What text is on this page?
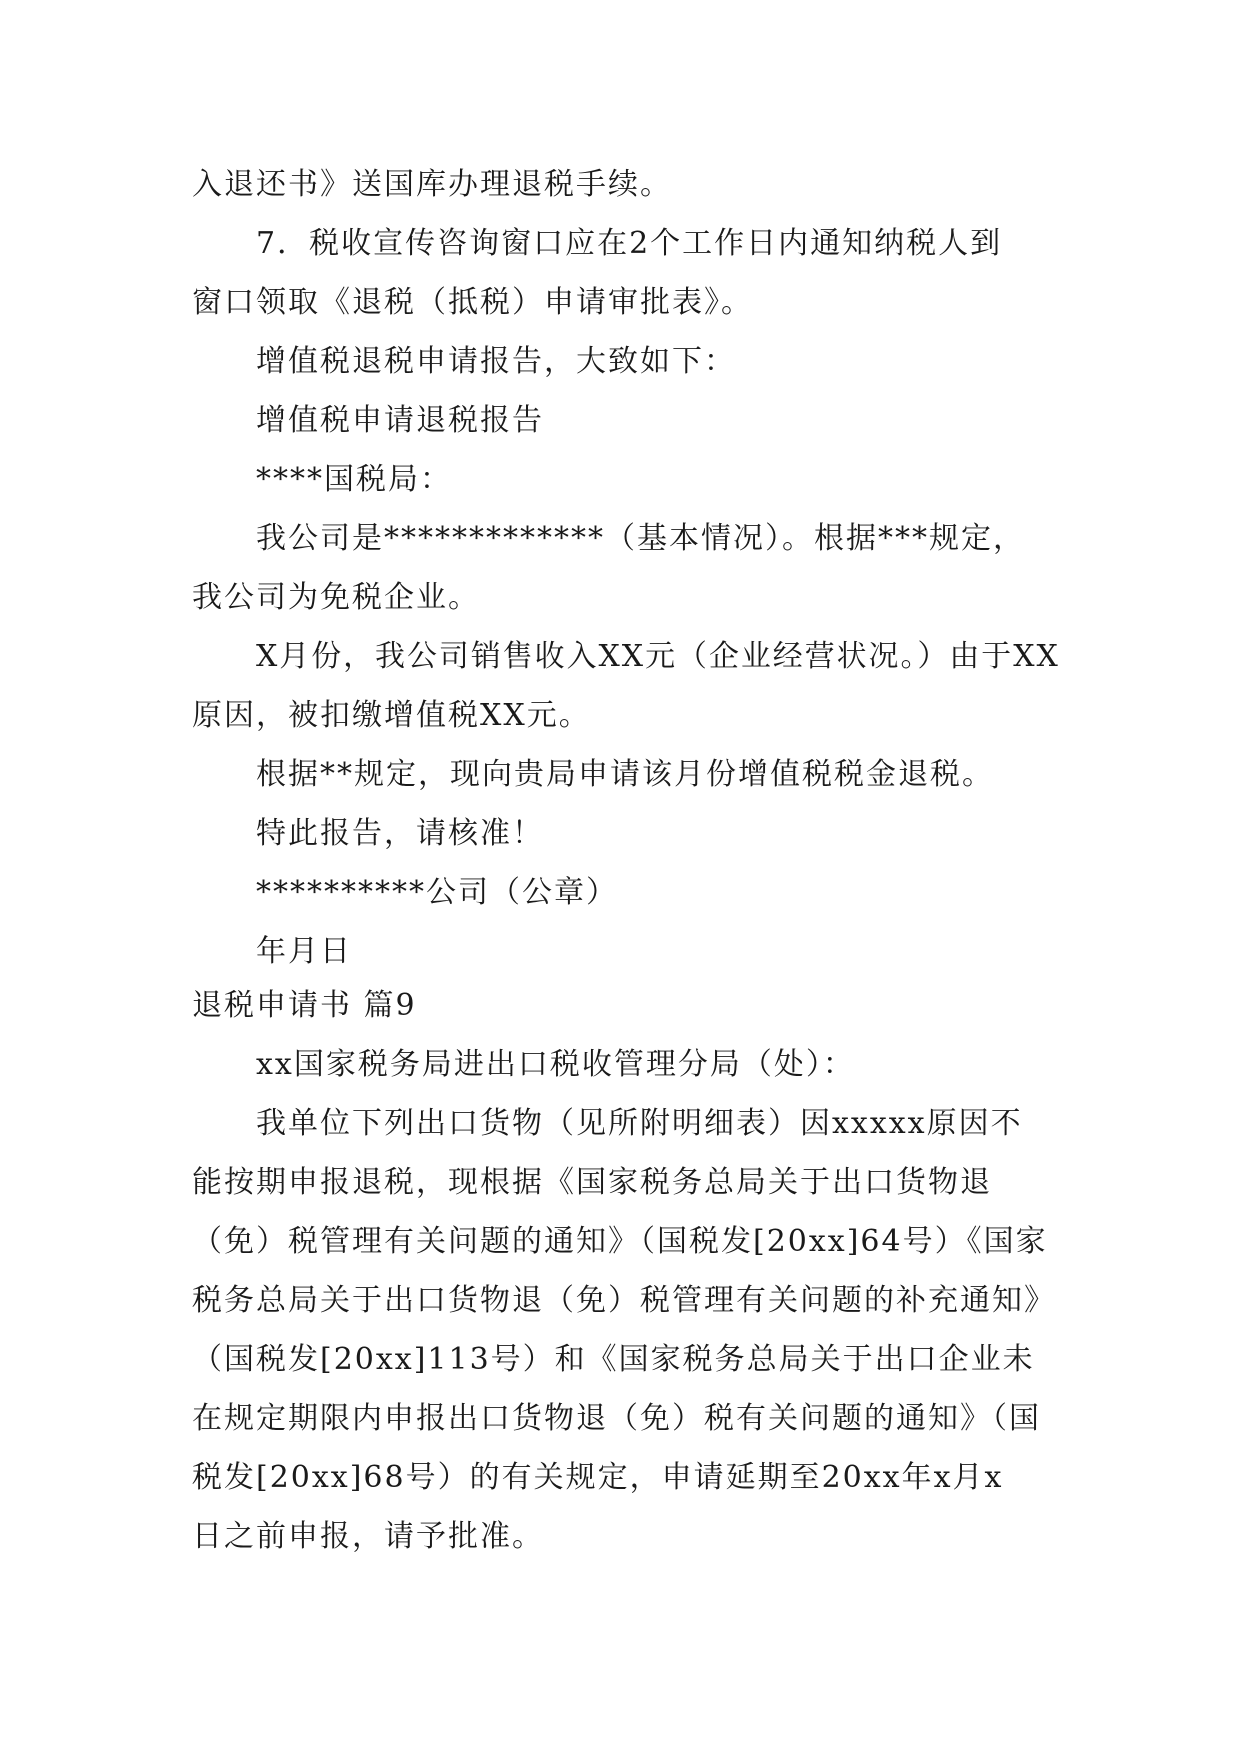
入退还书》送国库办理退税手续。
7．税收宣传咨询窗口应在2个工作日内通知纳税人到
窗口领取《退税（抵税）申请审批表》。
增值税退税申请报告，大致如下：
增值税申请退税报告
****国税局：
我公司是*************（基本情况）。根据***规定，
我公司为免税企业。
X月份，我公司销售收入XX元（企业经营状况。）由于XX
原因，被扣缴增值税XX元。
根据**规定，现向贵局申请该月份增值税税金退税。
特此报告，请核准！
**********公司（公章）
年月日
退税申请书 篇9
xx国家税务局进出口税收管理分局（处）：
我单位下列出口货物（见所附明细表）因xxxxx原因不
能按期申报退税，现根据《国家税务总局关于出口货物退
（免）税管理有关问题的通知》（国税发[20xx]64号）《国家
税务总局关于出口货物退（免）税管理有关问题的补充通知》
（国税发[20xx]113号）和《国家税务总局关于出口企业未
在规定期限内申报出口货物退（免）税有关问题的通知》（国
税发[20xx]68号）的有关规定，申请延期至20xx年x月x
日之前申报，请予批准。
